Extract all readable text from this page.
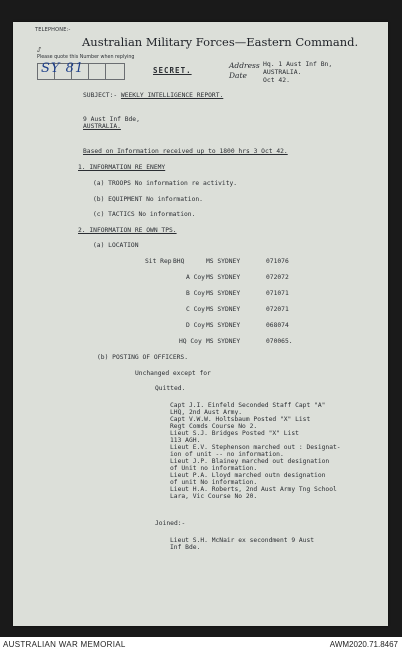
TELEPHONE:-
ᔑ
Australian Military Forces—Eastern Command.
Please quote this Number when replying
SY 81	SECRET.
Address
Date
Hq. 1 Aust Inf Bn,
AUSTRALIA.
Oct 42.
SUBJECT:- WEEKLY INTELLIGENCE REPORT.
9 Aust Inf Bde,
AUSTRALIA.
Based on Information received up to 1800 hrs 3 Oct 42.
1. INFORMATION RE ENEMY
(a) TROOPS No information re activity.
(b) EQUIPMENT No information.
(c) TACTICS No information.
2. INFORMATION RE OWN TPS.
(a) LOCATION
Sit Rep BHQ	MS SYDNEY	071076
A Coy MS SYDNEY	072072
B Coy MS SYDNEY	071071
C Coy MS SYDNEY	072071
D Coy MS SYDNEY	068074
HQ Coy MS SYDNEY	070065.
(b) POSTING OF OFFICERS.
Unchanged except for
Quitted.
Capt J.I. Einfeld Seconded Staff Capt "A"
LHQ, 2nd Aust Army.
Capt V.W.W. Holtsbaum Posted "X" List
Regt Comds Course No 2.
Lieut S.J. Bridges Posted "X" List
113 AGH.
Lieut E.V. Stephenson marched out : Designat-
ion of unit -- no information.
Lieut J.P. Blainey marched out designation
of Unit no information.
Lieut P.A. Lloyd marched outn designation
of unit No information.
Lieut H.A. Roberts, 2nd Aust Army Tng School
Lara, Vic Course No 20.
Joined:-
Lieut S.H. McNair ex secondment 9 Aust
Inf Bde.
AUSTRALIAN WAR MEMORIAL	AWM2020.71.8467
